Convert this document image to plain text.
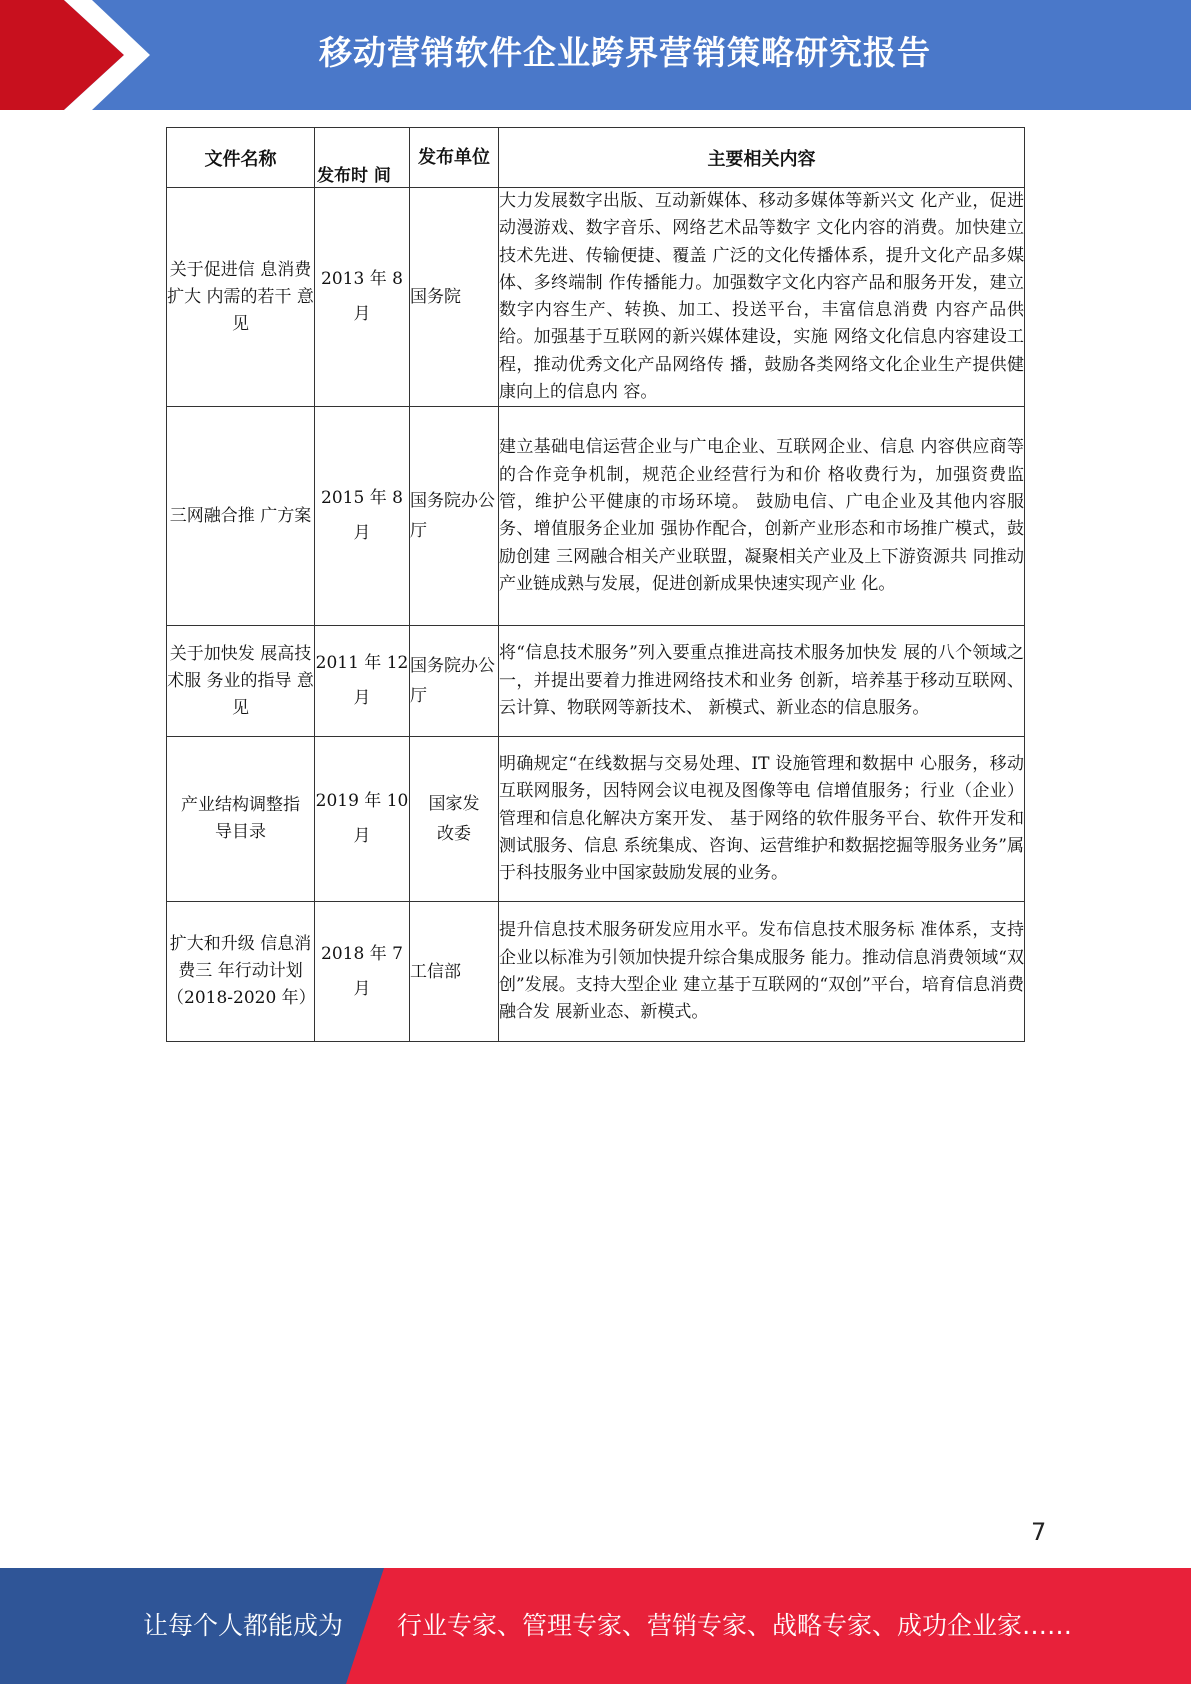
移动营销软件企业跨界营销策略研究报告
文件名称	发布时 间	发布单位	主要相关内容
关于促进信 息消费扩大 内需的若干 意见	2013 年 8 月	国务院	大力发展数字出版、互动新媒体、移动多媒体等新兴文 化产业，促进动漫游戏、数字音乐、网络艺术品等数字 文化内容的消费。加快建立技术先进、传输便捷、覆盖 广泛的文化传播体系，提升文化产品多媒体、多终端制 作传播能力。加强数字文化内容产品和服务开发，建立 数字内容生产、转换、加工、投送平台，丰富信息消费 内容产品供给。加强基于互联网的新兴媒体建设，实施 网络文化信息内容建设工程，推动优秀文化产品网络传 播，鼓励各类网络文化企业生产提供健康向上的信息内 容。
三网融合推 广方案	2015 年 8 月	国务院办公厅	建立基础电信运营企业与广电企业、互联网企业、信息 内容供应商等的合作竞争机制，规范企业经营行为和价 格收费行为，加强资费监管，维护公平健康的市场环境。 鼓励电信、广电企业及其他内容服务、增值服务企业加 强协作配合，创新产业形态和市场推广模式，鼓励创建 三网融合相关产业联盟，凝聚相关产业及上下游资源共 同推动产业链成熟与发展，促进创新成果快速实现产业 化。
关于加快发 展高技术服 务业的指导 意见	2011 年 12 月	国务院办公厅	将“信息技术服务”列入要重点推进高技术服务加快发 展的八个领域之一，并提出要着力推进网络技术和业务 创新，培养基于移动互联网、云计算、物联网等新技术、 新模式、新业态的信息服务。
产业结构调整指导目录	2019 年 10 月	国家发改委	明确规定“在线数据与交易处理、IT 设施管理和数据中 心服务，移动互联网服务，因特网会议电视及图像等电 信增值服务；行业（企业）管理和信息化解决方案开发、 基于网络的软件服务平台、软件开发和测试服务、信息 系统集成、咨询、运营维护和数据挖掘等服务业务”属 于科技服务业中国家鼓励发展的业务。
扩大和升级 信息消费三 年行动计划 （2018-2020 年）	2018 年 7 月	工信部	提升信息技术服务研发应用水平。发布信息技术服务标 准体系，支持企业以标准为引领加快提升综合集成服务 能力。推动信息消费领域“双创”发展。支持大型企业 建立基于互联网的“双创”平台，培育信息消费融合发 展新业态、新模式。
7
让每个人都能成为 行业专家、管理专家、营销专家、战略专家、成功企业家……
